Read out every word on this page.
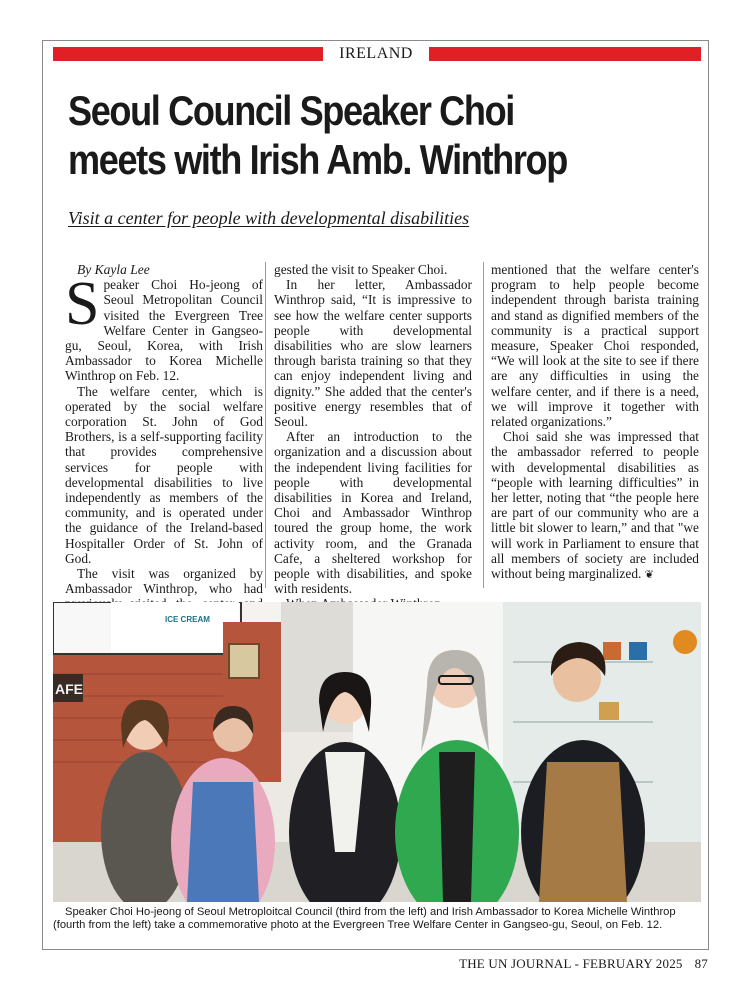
IRELAND
Seoul Council Speaker Choi
meets with Irish Amb. Winthrop
Visit a center for people with developmental disabilities

By Kayla Lee

Speaker Choi Ho-jeong of Seoul Metropolitan Council visited the Evergreen Tree Welfare Center in Gangseo-gu, Seoul, Korea, with Irish Ambassador to Korea Michelle Winthrop on Feb. 12.

The welfare center, which is operated by the social welfare corporation St. John of God Brothers, is a self-supporting facility that provides comprehensive services for people with developmental disabilities to live independently as members of the community, and is operated under the guidance of the Ireland-based Hospitaller Order of St. John of God.

The visit was organized by Ambassador Winthrop, who had

gested the visit to Speaker Choi.

In her letter, Ambassador Winthrop said, “It is impressive to see how the welfare center supports people with developmental disabilities who are slow learners through barista training so that they can enjoy independent living and dignity.” She added that the center's positive energy resembles that of Seoul.

After an introduction to the organization and a discussion about the independent living facilities for people with developmental disabilities in Korea and Ireland, Choi and Ambassador Winthrop toured the group home, the work activity room, and the Granada Cafe, a sheltered workshop for people with disabilities, and spoke with residents.

mentioned that the welfare center's program to help people become independent through barista training and stand as dignified members of the community is a practical support measure, Speaker Choi responded, “We will look at the site to see if there are any difficulties in using the welfare center, and if there is a need, we will improve it together with related organizations.”

Choi said she was impressed that the ambassador referred to people with developmental disabilities as “people with learning difficulties” in her letter, noting that “the people here are part of our community who are a little bit slower to learn,” and that "we will work in Parliament to ensure that all members of society are included without being marginalized. ❦

ICE CREAM
AFE
Speaker Choi Ho-jeong of Seoul Metroploitcal Council (third from the left) and Irish Ambassador to Korea Michelle Winthrop (fourth from the left) take a commemorative photo at the Evergreen Tree Welfare Center in Gangseo-gu, Seoul, on Feb. 12.
THE UN JOURNAL - FEBRUARY 2025 87
